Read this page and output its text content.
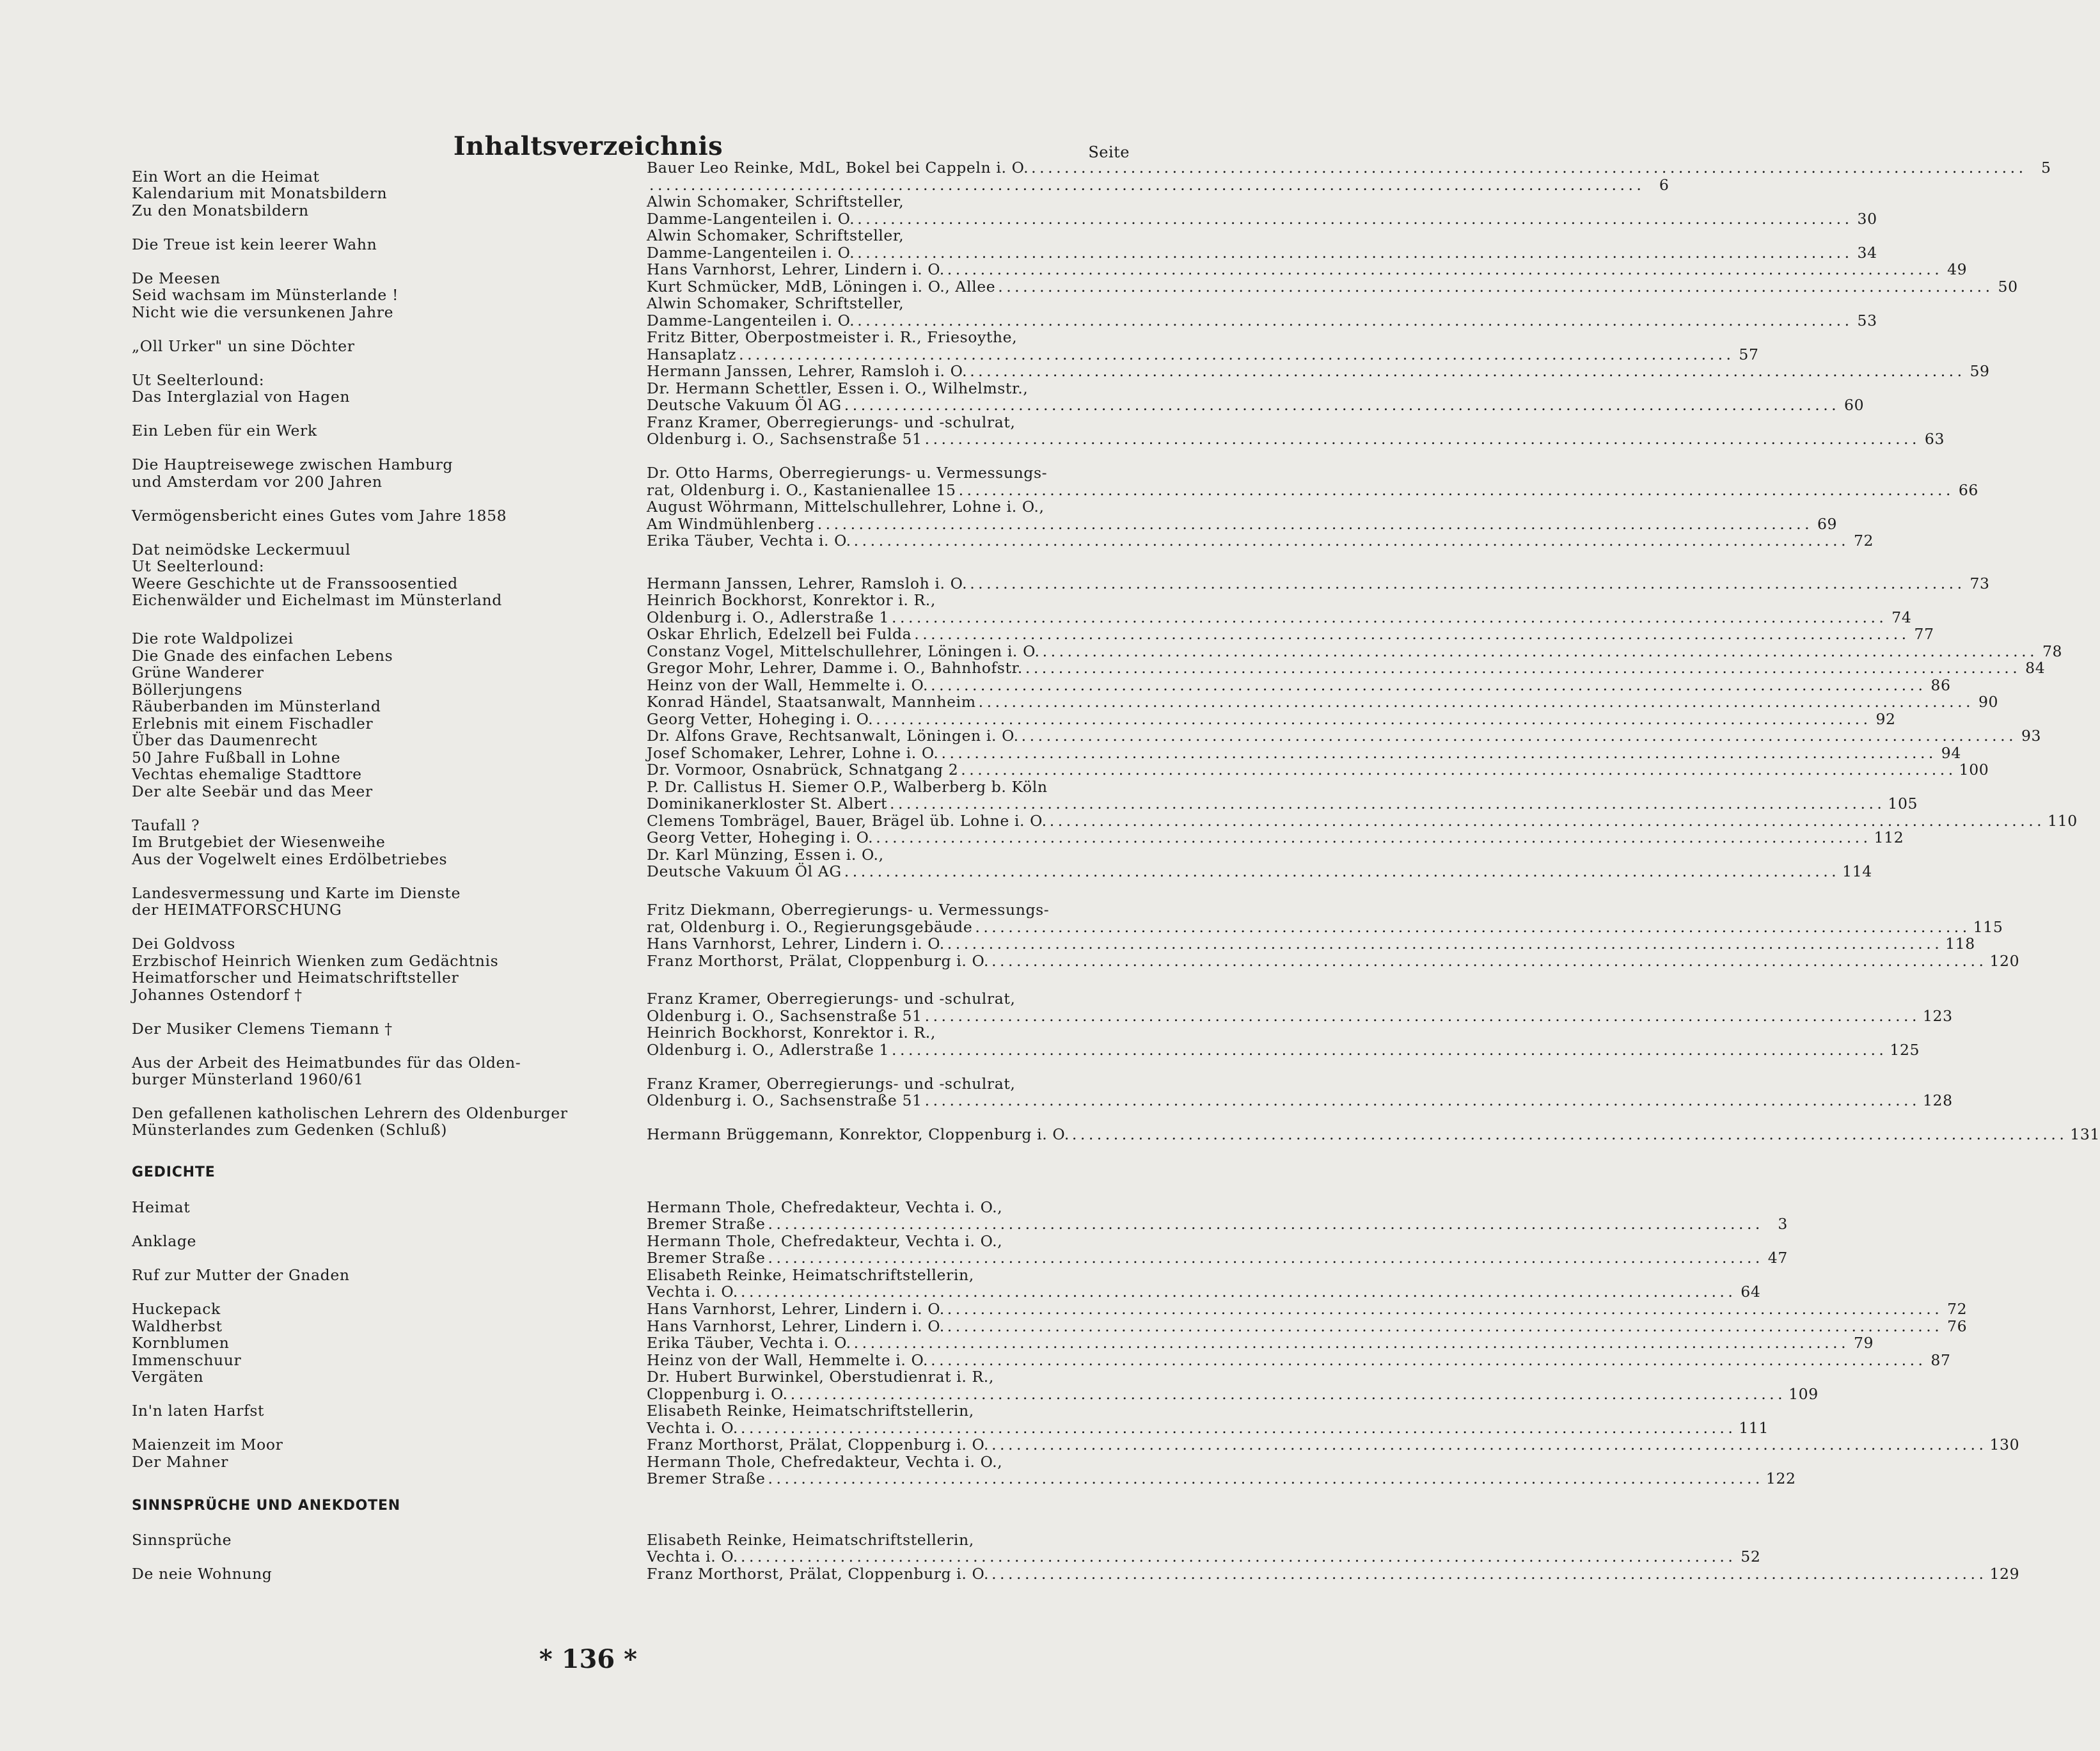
Inhaltsverzeichnis	Seite
Ein Wort an die Heimat
Kalendarium mit Monatsbildern
Zu den Monatsbildern
Die Treue ist kein leerer Wahn
De Meesen
Seid wachsam im Münsterlande !
Nicht wie die versunkenen Jahre
„Oll Urker" un sine Döchter
Ut Seelterlound:
Das Interglazial von Hagen
Ein Leben für ein Werk
Die Hauptreisewege zwischen Hamburg
und Amsterdam vor 200 Jahren
Vermögensbericht eines Gutes vom Jahre 1858
Dat neimödske Leckermuul
Ut Seelterlound:
Weere Geschichte ut de Franssoosentied
Eichenwälder und Eichelmast im Münsterland
Die rote Waldpolizei
Die Gnade des einfachen Lebens
Grüne Wanderer
Böllerjungens
Räuberbanden im Münsterland
Erlebnis mit einem Fischadler
Über das Daumenrecht
50 Jahre Fußball in Lohne
Vechtas ehemalige Stadttore
Der alte Seebär und das Meer
Taufall ?
Im Brutgebiet der Wiesenweihe
Aus der Vogelwelt eines Erdölbetriebes
Landesvermessung und Karte im Dienste
der HEIMATFORSCHUNG
Dei Goldvoss
Erzbischof Heinrich Wienken zum Gedächtnis
Heimatforscher und Heimatschriftsteller
Johannes Ostendorf †
Der Musiker Clemens Tiemann †
Aus der Arbeit des Heimatbundes für das Olden-
burger Münsterland 1960/61
Den gefallenen katholischen Lehrern des Oldenburger
Münsterlandes zum Gedenken (Schluß)
GEDICHTE
Heimat
Anklage
Ruf zur Mutter der Gnaden
Huckepack
Waldherbst
Kornblumen
Immenschuur
Vergäten
In'n laten Harfst
Maienzeit im Moor
Der Mahner
SINNSPRÜCHE UND ANEKDOTEN
Sinnsprüche
De neie Wohnung
Bauer Leo Reinke, MdL, Bokel bei Cappeln i. O. ........................................................................................................................ 5
........................................................................................................................ 6
Alwin Schomaker, Schriftsteller,
Damme-Langenteilen i. O. ........................................................................................................................ 30
Alwin Schomaker, Schriftsteller,
Damme-Langenteilen i. O. ........................................................................................................................ 34
Hans Varnhorst, Lehrer, Lindern i. O. ........................................................................................................................ 49
Kurt Schmücker, MdB, Löningen i. O., Allee ........................................................................................................................ 50
Alwin Schomaker, Schriftsteller,
Damme-Langenteilen i. O. ........................................................................................................................ 53
Fritz Bitter, Oberpostmeister i. R., Friesoythe,
Hansaplatz ........................................................................................................................ 57
Hermann Janssen, Lehrer, Ramsloh i. O. ........................................................................................................................ 59
Dr. Hermann Schettler, Essen i. O., Wilhelmstr.,
Deutsche Vakuum Öl AG ........................................................................................................................ 60
Franz Kramer, Oberregierungs- und -schulrat,
Oldenburg i. O., Sachsenstraße 51 ........................................................................................................................ 63
Dr. Otto Harms, Oberregierungs- u. Vermessungs-
rat, Oldenburg i. O., Kastanienallee 15 ........................................................................................................................ 66
August Wöhrmann, Mittelschullehrer, Lohne i. O.,
Am Windmühlenberg ........................................................................................................................ 69
Erika Täuber, Vechta i. O. ........................................................................................................................ 72
Hermann Janssen, Lehrer, Ramsloh i. O. ........................................................................................................................ 73
Heinrich Bockhorst, Konrektor i. R.,
Oldenburg i. O., Adlerstraße 1 ........................................................................................................................ 74
Oskar Ehrlich, Edelzell bei Fulda ........................................................................................................................ 77
Constanz Vogel, Mittelschullehrer, Löningen i. O. ........................................................................................................................ 78
Gregor Mohr, Lehrer, Damme i. O., Bahnhofstr. ........................................................................................................................ 84
Heinz von der Wall, Hemmelte i. O. ........................................................................................................................ 86
Konrad Händel, Staatsanwalt, Mannheim ........................................................................................................................ 90
Georg Vetter, Hoheging i. O. ........................................................................................................................ 92
Dr. Alfons Grave, Rechtsanwalt, Löningen i. O. ........................................................................................................................ 93
Josef Schomaker, Lehrer, Lohne i. O. ........................................................................................................................ 94
Dr. Vormoor, Osnabrück, Schnatgang 2 ........................................................................................................................ 100
P. Dr. Callistus H. Siemer O.P., Walberberg b. Köln
Dominikanerkloster St. Albert ........................................................................................................................ 105
Clemens Tombrägel, Bauer, Brägel üb. Lohne i. O. ........................................................................................................................ 110
Georg Vetter, Hoheging i. O. ........................................................................................................................ 112
Dr. Karl Münzing, Essen i. O.,
Deutsche Vakuum Öl AG ........................................................................................................................ 114
Fritz Diekmann, Oberregierungs- u. Vermessungs-
rat, Oldenburg i. O., Regierungsgebäude ........................................................................................................................ 115
Hans Varnhorst, Lehrer, Lindern i. O. ........................................................................................................................ 118
Franz Morthorst, Prälat, Cloppenburg i. O. ........................................................................................................................ 120
Franz Kramer, Oberregierungs- und -schulrat,
Oldenburg i. O., Sachsenstraße 51 ........................................................................................................................ 123
Heinrich Bockhorst, Konrektor i. R.,
Oldenburg i. O., Adlerstraße 1 ........................................................................................................................ 125
Franz Kramer, Oberregierungs- und -schulrat,
Oldenburg i. O., Sachsenstraße 51 ........................................................................................................................ 128
Hermann Brüggemann, Konrektor, Cloppenburg i. O. ........................................................................................................................ 131
Hermann Thole, Chefredakteur, Vechta i. O.,
Bremer Straße ........................................................................................................................ 3
Hermann Thole, Chefredakteur, Vechta i. O.,
Bremer Straße ........................................................................................................................ 47
Elisabeth Reinke, Heimatschriftstellerin,
Vechta i. O. ........................................................................................................................ 64
Hans Varnhorst, Lehrer, Lindern i. O. ........................................................................................................................ 72
Hans Varnhorst, Lehrer, Lindern i. O. ........................................................................................................................ 76
Erika Täuber, Vechta i. O. ........................................................................................................................ 79
Heinz von der Wall, Hemmelte i. O. ........................................................................................................................ 87
Dr. Hubert Burwinkel, Oberstudienrat i. R.,
Cloppenburg i. O. ........................................................................................................................ 109
Elisabeth Reinke, Heimatschriftstellerin,
Vechta i. O. ........................................................................................................................ 111
Franz Morthorst, Prälat, Cloppenburg i. O. ........................................................................................................................ 130
Hermann Thole, Chefredakteur, Vechta i. O.,
Bremer Straße ........................................................................................................................ 122
Elisabeth Reinke, Heimatschriftstellerin,
Vechta i. O. ........................................................................................................................ 52
Franz Morthorst, Prälat, Cloppenburg i. O. ........................................................................................................................ 129
* 136 *
